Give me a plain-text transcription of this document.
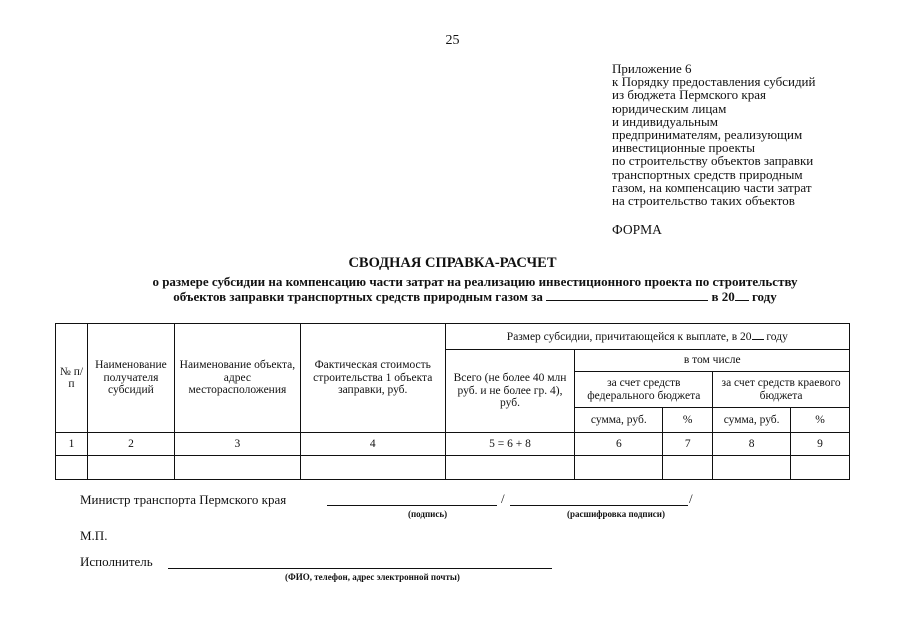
25
Приложение 6
к Порядку предоставления субсидий
из бюджета Пермского края
юридическим лицам
и индивидуальным
предпринимателям, реализующим
инвестиционные проекты
по строительству объектов заправки
транспортных средств природным
газом, на компенсацию части затрат
на строительство таких объектов
ФОРМА
СВОДНАЯ СПРАВКА-РАСЧЕТ
о размере субсидии на компенсацию части затрат на реализацию инвестиционного проекта по строительству
объектов заправки транспортных средств природным газом за	в 20 году
№ п/п	Наименование получателя субсидий	Наименование объекта, адрес месторасположения	Фактическая стоимость строительства 1 объекта заправки, руб.	Размер субсидии, причитающейся к выплате, в 20 году				
				Всего (не более 40 млн руб. и не более гр. 4), руб.	в том числе			
					за счет средств федерального бюджета		за счет средств краевого бюджета	
					сумма, руб.	%	сумма, руб.	%
1	2	3	4	5 = 6 + 8	6	7	8	9

Министр транспорта Пермского края	/	/
(подпись)	(расшифровка подписи)
М.П.
Исполнитель
(ФИО, телефон, адрес электронной почты)
